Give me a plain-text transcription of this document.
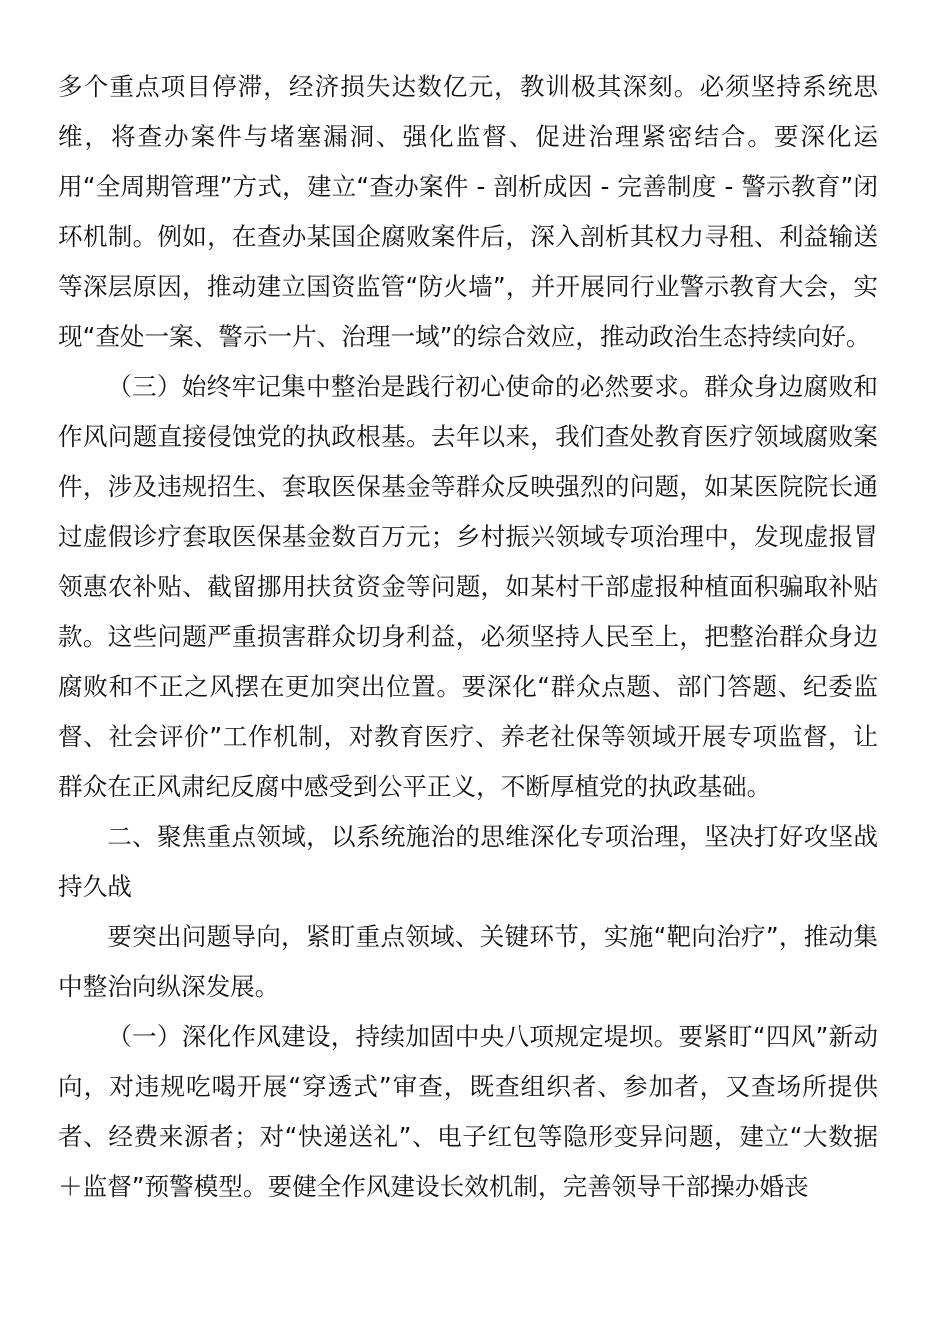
多个重点项目停滞，经济损失达数亿元，教训极其深刻。必须坚持系统思维，将查办案件与堵塞漏洞、强化监督、促进治理紧密结合。要深化运用“全周期管理”方式，建立“查办案件 - 剖析成因 - 完善制度 - 警示教育”闭环机制。例如，在查办某国企腐败案件后，深入剖析其权力寻租、利益输送等深层原因，推动建立国资监管“防火墙”，并开展同行业警示教育大会，实现“查处一案、警示一片、治理一域”的综合效应，推动政治生态持续向好。

（三）始终牢记集中整治是践行初心使命的必然要求。群众身边腐败和作风问题直接侵蚀党的执政根基。去年以来，我们查处教育医疗领域腐败案件，涉及违规招生、套取医保基金等群众反映强烈的问题，如某医院院长通过虚假诊疗套取医保基金数百万元；乡村振兴领域专项治理中，发现虚报冒领惠农补贴、截留挪用扶贫资金等问题，如某村干部虚报种植面积骗取补贴款。这些问题严重损害群众切身利益，必须坚持人民至上，把整治群众身边腐败和不正之风摆在更加突出位置。要深化“群众点题、部门答题、纪委监督、社会评价”工作机制，对教育医疗、养老社保等领域开展专项监督，让群众在正风肃纪反腐中感受到公平正义，不断厚植党的执政基础。

二、聚焦重点领域，以系统施治的思维深化专项治理，坚决打好攻坚战持久战

要突出问题导向，紧盯重点领域、关键环节，实施“靶向治疗”，推动集中整治向纵深发展。

（一）深化作风建设，持续加固中央八项规定堤坝。要紧盯“四风”新动向，对违规吃喝开展“穿透式”审查，既查组织者、参加者，又查场所提供者、经费来源者；对“快递送礼”、电子红包等隐形变异问题，建立“大数据＋监督”预警模型。要健全作风建设长效机制，完善领导干部操办婚丧
